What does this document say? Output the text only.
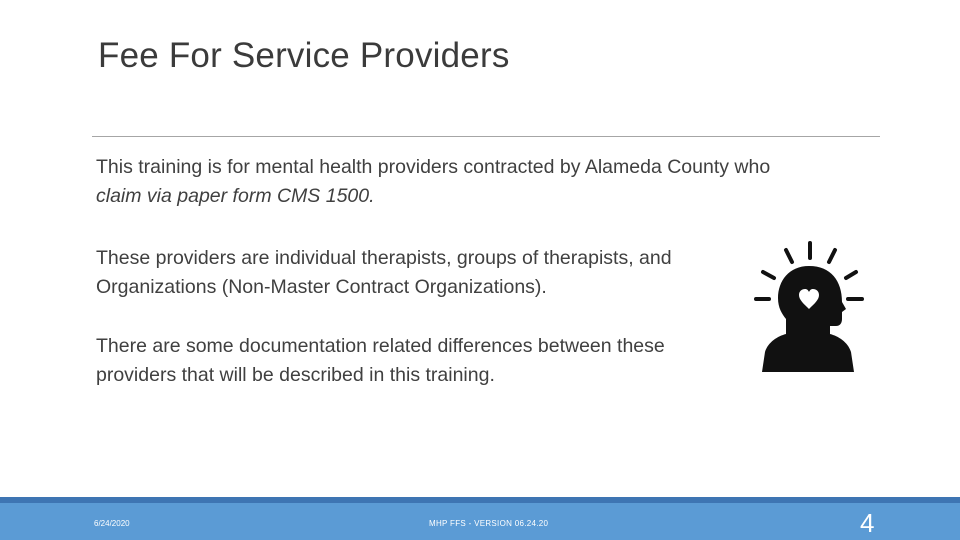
Fee For Service Providers
This training is for mental health providers contracted by Alameda County who
claim via paper form CMS 1500.
These providers are individual therapists, groups of therapists, and Organizations (Non-Master Contract Organizations).
There are some documentation related differences between these providers that will be described in this training.
6/24/2020	MHP FFS - VERSION 06.24.20	4
